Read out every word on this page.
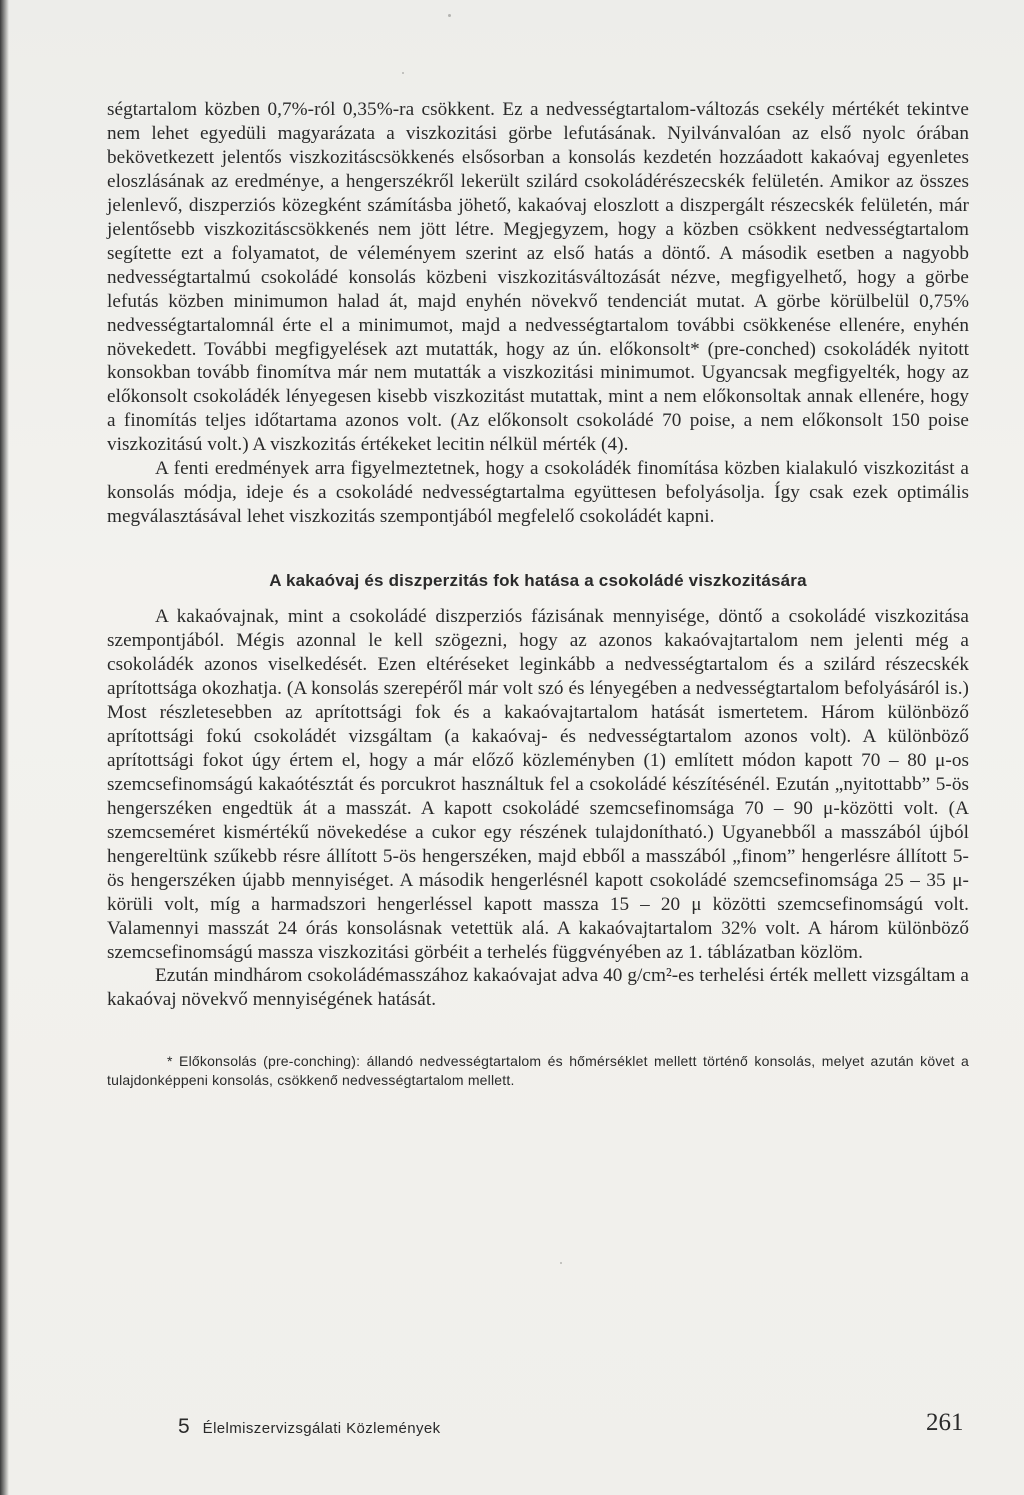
ségtartalom közben 0,7%-ról 0,35%-ra csökkent. Ez a nedvességtartalom-változás csekély mértékét tekintve nem lehet egyedüli magyarázata a viszkozitási görbe lefutásának. Nyilvánvalóan az első nyolc órában bekövetkezett jelentős viszkozitáscsökkenés elsősorban a konsolás kezdetén hozzáadott kakaóvaj egyenletes eloszlásának az eredménye, a hengerszékről lekerült szilárd csokoládérészecskék felületén. Amikor az összes jelenlevő, diszperziós közegként számításba jöhető, kakaóvaj eloszlott a diszpergált részecskék felületén, már jelentősebb viszkozitáscsökkenés nem jött létre. Megjegyzem, hogy a közben csökkent nedvességtartalom segítette ezt a folyamatot, de véleményem szerint az első hatás a döntő. A második esetben a nagyobb nedvességtartalmú csokoládé konsolás közbeni viszkozitásváltozását nézve, megfigyelhető, hogy a görbe lefutás közben minimumon halad át, majd enyhén növekvő tendenciát mutat. A görbe körülbelül 0,75% nedvességtartalomnál érte el a minimumot, majd a nedvességtartalom további csökkenése ellenére, enyhén növekedett. További megfigyelések azt mutatták, hogy az ún. előkonsolt* (pre-conched) csokoládék nyitott konsokban tovább finomítva már nem mutatták a viszkozitási minimumot. Ugyancsak megfigyelték, hogy az előkonsolt csokoládék lényegesen kisebb viszkozitást mutattak, mint a nem előkonsoltak annak ellenére, hogy a finomítás teljes időtartama azonos volt. (Az előkonsolt csokoládé 70 poise, a nem előkonsolt 150 poise viszkozitású volt.) A viszkozitás értékeket lecitin nélkül mérték (4).

A fenti eredmények arra figyelmeztetnek, hogy a csokoládék finomítása közben kialakuló viszkozitást a konsolás módja, ideje és a csokoládé nedvességtartalma együttesen befolyásolja. Így csak ezek optimális megválasztásával lehet viszkozitás szempontjából megfelelő csokoládét kapni.

A kakaóvaj és diszperzitás fok hatása a csokoládé viszkozitására

A kakaóvajnak, mint a csokoládé diszperziós fázisának mennyisége, döntő a csokoládé viszkozitása szempontjából. Mégis azonnal le kell szögezni, hogy az azonos kakaóvajtartalom nem jelenti még a csokoládék azonos viselkedését. Ezen eltéréseket leginkább a nedvességtartalom és a szilárd részecskék aprítottsága okozhatja. (A konsolás szerepéről már volt szó és lényegében a nedvességtartalom befolyásáról is.) Most részletesebben az aprítottsági fok és a kakaóvajtartalom hatását ismertetem. Három különböző aprítottsági fokú csokoládét vizsgáltam (a kakaóvaj- és nedvességtartalom azonos volt). A különböző aprítottsági fokot úgy értem el, hogy a már előző közleményben (1) említett módon kapott 70 – 80 μ-os szemcsefinomságú kakaótésztát és porcukrot használtuk fel a csokoládé készítésénél. Ezután „nyitottabb” 5-ös hengerszéken engedtük át a masszát. A kapott csokoládé szemcsefinomsága 70 – 90 μ-közötti volt. (A szemcseméret kismértékű növekedése a cukor egy részének tulajdonítható.) Ugyanebből a masszából újból hengereltünk szűkebb résre állított 5-ös hengerszéken, majd ebből a masszából „finom” hengerlésre állított 5-ös hengerszéken újabb mennyiséget. A második hengerlésnél kapott csokoládé szemcsefinomsága 25 – 35 μ-körüli volt, míg a harmadszori hengerléssel kapott massza 15 – 20 μ közötti szemcsefinomságú volt. Valamennyi masszát 24 órás konsolásnak vetettük alá. A kakaóvajtartalom 32% volt. A három különböző szemcsefinomságú massza viszkozitási görbéit a terhelés függvényében az 1. táblázatban közlöm.

Ezután mindhárom csokoládémasszához kakaóvajat adva 40 g/cm²-es terhelési érték mellett vizsgáltam a kakaóvaj növekvő mennyiségének hatását.

* Előkonsolás (pre-conching): állandó nedvességtartalom és hőmérséklet mellett történő konsolás, melyet azután követ a tulajdonképpeni konsolás, csökkenő nedvességtartalom mellett.

5 Élelmiszervizsgálati Közlemények	261
